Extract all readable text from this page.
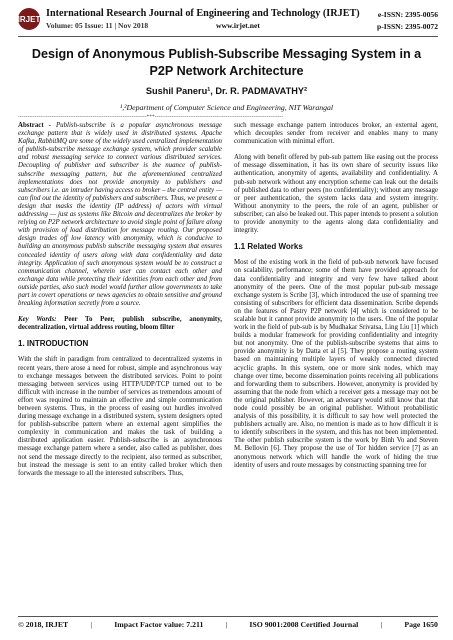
IRJET International Research Journal of Engineering and Technology (IRJET)
Volume: 05 Issue: 11 | Nov 2018	www.irjet.net
e-ISSN: 2395-0056
p-ISSN: 2395-0072
Design of Anonymous Publish-Subscribe Messaging System in a P2P Network Architecture
Sushil Paneru¹, Dr. R. PADMAVATHY²
¹,²Department of Computer Science and Engineering, NIT Warangal
---------------------------------------------------------------------***---------------------------------------------------------------------

Abstract - Publish-subscribe is a popular asynchronous message exchange pattern that is widely used in distributed systems. Apache Kafka, RabbitMQ are some of the widely used centralized implementation of publish-subscribe message exchange system, which provider scalable and robust messaging service to connect various distributed services. Decoupling of publisher and subscriber is the nuance of publish-subscribe messaging pattern, but the aforementioned centralized implementations does not provide anonymity to publishers and subscribers i.e. an intruder having access to broker – the central entity — can find out the identity of publishers and subscribers. Thus, we present a design that masks the identity (IP address) of actors with virtual addressing — just as systems like Bitcoin and decentralizes the broker by relying on P2P network architecture to avoid single point of failure along with provision of load distribution for message routing. Our proposed design trades off low latency with anonymity, which is conducive to building an anonymous publish subscribe messaging system that ensures concealed identity of users along with data confidentiality and data integrity. Application of such anonymous system would be to construct a communication channel, wherein user can contact each other and exchange data while protecting their identities from each other and from outside parties, also such model would further allow governments to take part in covert operations or news agencies to obtain sensitive and ground breaking information secretly from a source.

Key Words: Peer To Peer, publish subscribe, anonymity, decentralization, virtual address routing, bloom filter

1. INTRODUCTION

With the shift in paradigm from centralized to decentralized systems in recent years, there arose a need for robust, simple and asynchronous way to exchange messages between the distributed services. Point to point messaging between services using HTTP/UDP/TCP turned out to be difficult with increase in the number of services as tremendous amount of effort was required to maintain an effective and simple communication between systems. Thus, in the process of easing out hurdles involved during message exchange in a distributed system, system designers opted for publish-subscribe pattern where an external agent simplifies the complexity in communication and makes the task of building a distributed application easier. Publish-subscribe is an asynchronous message exchange pattern where a sender, also called as publisher, does not send the message directly to the recipient, also termed as subscriber, but instead the message is sent to an entity called broker which then forwards the message to all the interested subscribers. Thus,

such message exchange pattern introduces broker, an external agent, which decouples sender from receiver and enables many to many communication with minimal effort.

Along with benefit offered by pub-sub pattern like easing out the process of message dissemination, it has its own share of security issues like authentication, anonymity of agents, availability and confidentiality. A pub-sub network without any encryption scheme can leak out the details of published data to other peers (no confidentiality); without any message or peer authentication, the system lacks data and system integrity. Without anonymity to the peers, the role of an agent, publisher or subscriber, can also be leaked out. This paper intends to present a solution to provide anonymity to the agents along data confidentiality and integrity.

1.1 Related Works

Most of the existing work in the field of pub-sub network have focused on scalability, performance; some of them have provided approach for data confidentiality and integrity and very few have talked about anonymity of the peers. One of the most popular pub-sub message exchange system is Scribe [3], which introduced the use of spanning tree consisting of subscribers for efficient data dissemination. Scribe depends on the features of Pastry P2P network [4] which is considered to be scalable but it cannot provide anonymity to the users. One of the popular work in the field of pub-sub is by Mudhakar Srivatsa, Ling Liu [1] which builds a modular framework for providing confidentiality and integrity but not anonymity. One of the publish-subscribe systems that aims to provide anonymity is by Datta et al [5]. They propose a routing system based on maintaining multiple layers of weakly connected directed acyclic graphs. In this system, one or more sink nodes, which may change over time, become dissemination points receiving all publications and forwarding them to subscribers. However, anonymity is provided by assuming that the node from which a receiver gets a message may not be the original publisher. However, an adversary would still know that that node could possibly be an original publisher. Without probabilistic analysis of this possibility, it is difficult to say how well protected the publishers actually are. Also, no mention is made as to how difficult it is to identify subscribers in the system, and this has not been implemented. The other publish subscribe system is the work by Binh Vo and Steven M. Bellovin [6]. They propose the use of Tor hidden service [7] as an anonymous network which will handle the work of hiding the true identity of users and route messages by constructing spanning tree for

© 2018, IRJET	|	Impact Factor value: 7.211	|	ISO 9001:2008 Certified Journal	|	Page 1650
